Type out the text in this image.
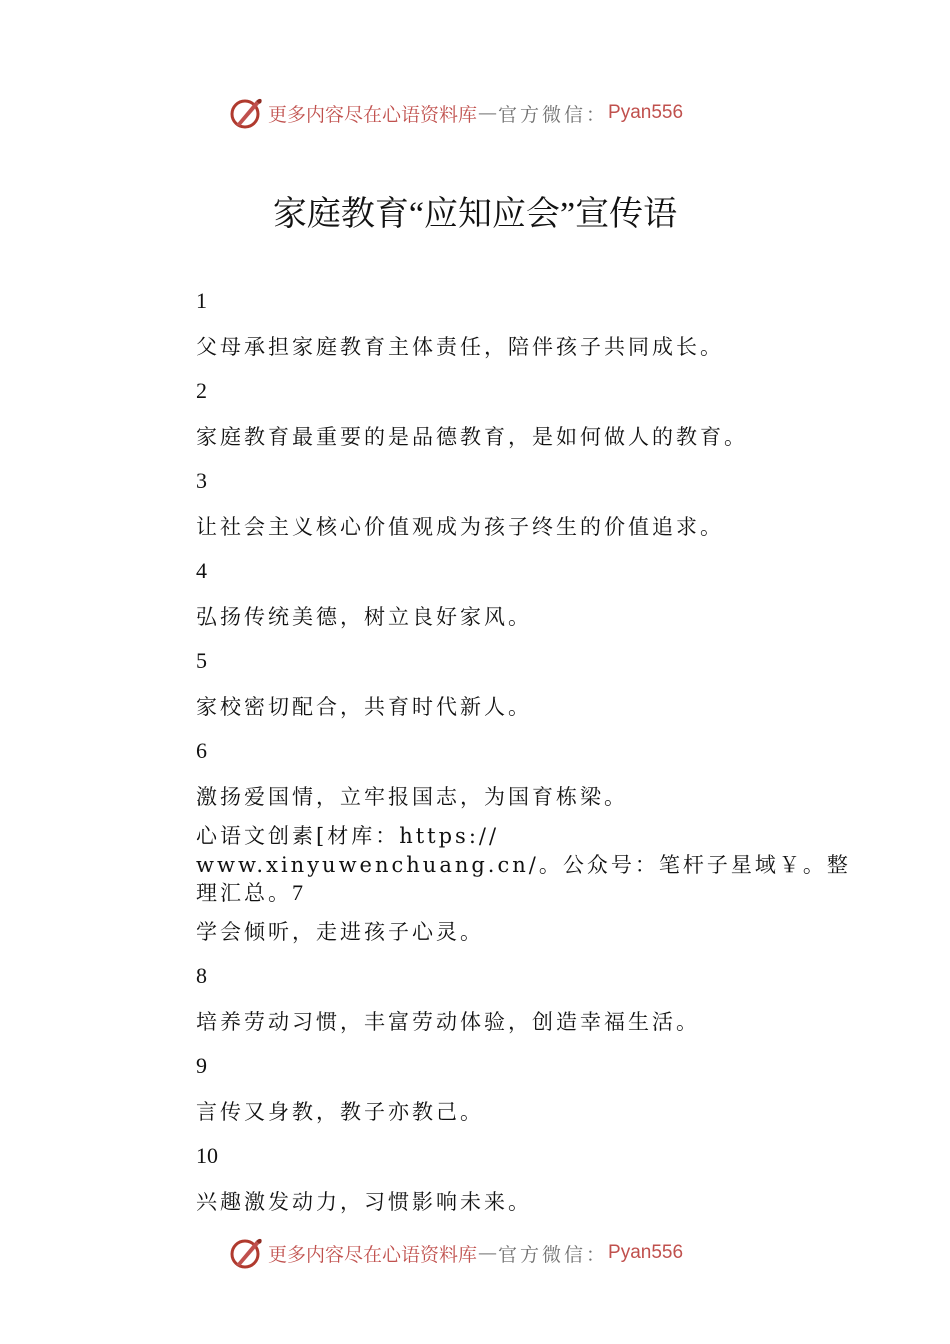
更多内容尽在心语资料库 — 官方微信： Pyan556
家庭教育“应知应会”宣传语
1
父母承担家庭教育主体责任，陪伴孩子共同成长。
2
家庭教育最重要的是品德教育，是如何做人的教育。
3
让社会主义核心价值观成为孩子终生的价值追求。
4
弘扬传统美德，树立良好家风。
5
家校密切配合，共育时代新人。
6
激扬爱国情，立牢报国志，为国育栋梁。
心语文创素[材库：https://
www.xinyuwenchuang.cn/。公众号：笔杆子星域￥。整
理汇总。7
学会倾听，走进孩子心灵。
8
培养劳动习惯，丰富劳动体验，创造幸福生活。
9
言传又身教，教子亦教己。
10
兴趣激发动力，习惯影响未来。
更多内容尽在心语资料库 — 官方微信： Pyan556
